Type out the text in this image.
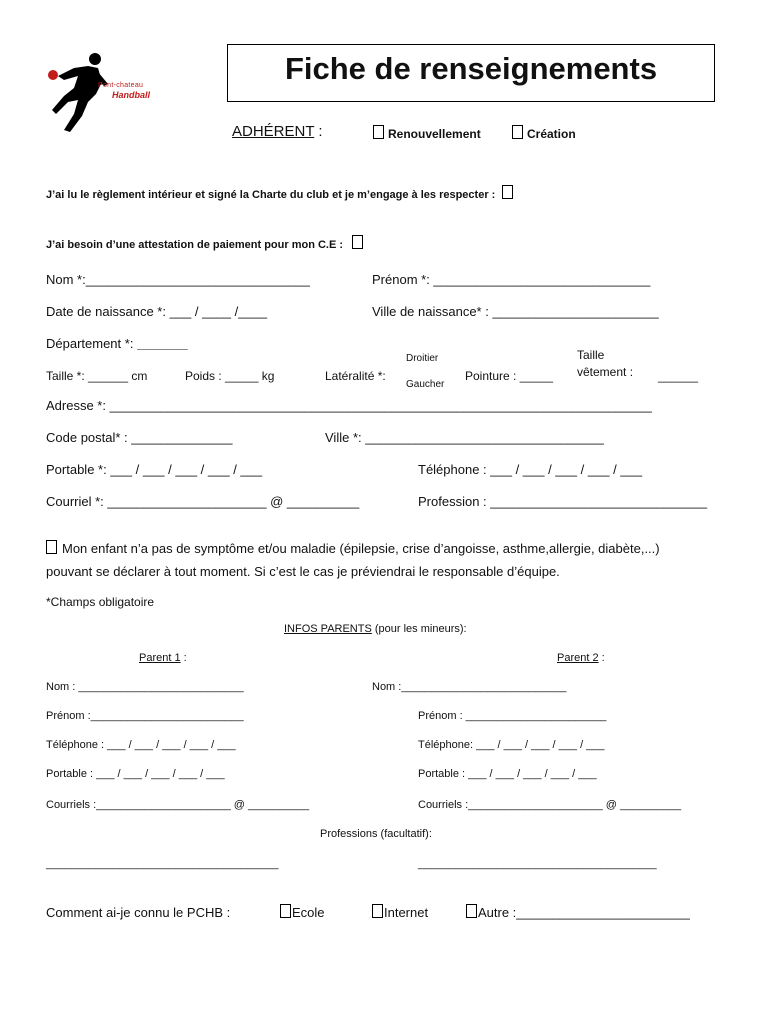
Pont-chateau
Handball
Fiche de renseignements
ADHÉRENT :	Renouvellement	Création
J’ai lu le règlement intérieur et signé la Charte du club et je m’engage à les respecter :
J’ai besoin d’une attestation de paiement pour mon C.E :
Nom *:_______________________________	Prénom *: ______________________________
Date de naissance *: ___ / ____ /____	Ville de naissance* : _______________________
Département *: _______
Taille *: ______ cm	Poids : _____ kg	Latéralité *:
Droitier
Gaucher
Pointure : _____
Taille
vêtement : ______
Adresse *: ___________________________________________________________________________
Code postal* : ______________	Ville *: _________________________________
Portable *: ___ / ___ / ___ / ___ / ___	Téléphone : ___ / ___ / ___ / ___ / ___
Courriel *: ______________________ @ __________	Profession : ______________________________
Mon enfant n’a pas de symptôme et/ou maladie (épilepsie, crise d’angoisse, asthme,allergie, diabète,...)
pouvant se déclarer à tout moment. Si c’est le cas je préviendrai le responsable d’équipe.
*Champs obligatoire
INFOS PARENTS (pour les mineurs):
Parent 1 :	Parent 2 :
Nom : ___________________________	Nom :___________________________
Prénom :_________________________	Prénom : _______________________
Téléphone : ___ / ___ / ___ / ___ / ___	Téléphone: ___ / ___ / ___ / ___ / ___
Portable : ___ / ___ / ___ / ___ / ___	Portable : ___ / ___ / ___ / ___ / ___
Courriels :______________________ @ __________	Courriels :______________________ @ __________
Professions (facultatif):
______________________________________	_______________________________________
Comment ai-je connu le PCHB :	Ecole	Internet	Autre :________________________
